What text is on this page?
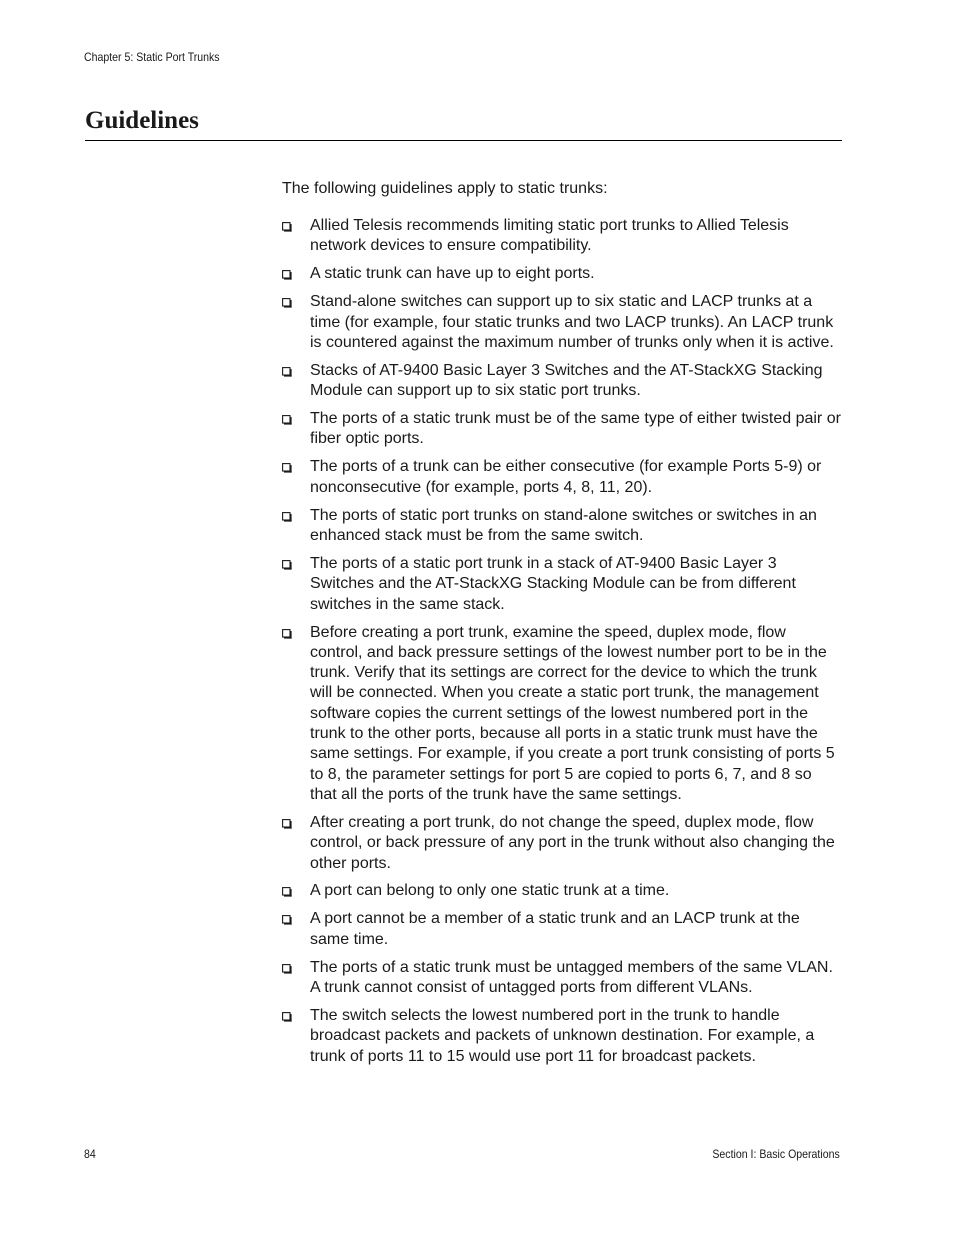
Chapter 5: Static Port Trunks
Guidelines

The following guidelines apply to static trunks:

Allied Telesis recommends limiting static port trunks to Allied Telesis network devices to ensure compatibility.
A static trunk can have up to eight ports.
Stand-alone switches can support up to six static and LACP trunks at a time (for example, four static trunks and two LACP trunks). An LACP trunk is countered against the maximum number of trunks only when it is active.
Stacks of AT-9400 Basic Layer 3 Switches and the AT-StackXG Stacking Module can support up to six static port trunks.
The ports of a static trunk must be of the same type of either twisted pair or fiber optic ports.
The ports of a trunk can be either consecutive (for example Ports 5-9) or nonconsecutive (for example, ports 4, 8, 11, 20).
The ports of static port trunks on stand-alone switches or switches in an enhanced stack must be from the same switch.
The ports of a static port trunk in a stack of AT-9400 Basic Layer 3 Switches and the AT-StackXG Stacking Module can be from different switches in the same stack.
Before creating a port trunk, examine the speed, duplex mode, flow control, and back pressure settings of the lowest number port to be in the trunk. Verify that its settings are correct for the device to which the trunk will be connected. When you create a static port trunk, the management software copies the current settings of the lowest numbered port in the trunk to the other ports, because all ports in a static trunk must have the same settings. For example, if you create a port trunk consisting of ports 5 to 8, the parameter settings for port 5 are copied to ports 6, 7, and 8 so that all the ports of the trunk have the same settings.
After creating a port trunk, do not change the speed, duplex mode, flow control, or back pressure of any port in the trunk without also changing the other ports.
A port can belong to only one static trunk at a time.
A port cannot be a member of a static trunk and an LACP trunk at the same time.
The ports of a static trunk must be untagged members of the same VLAN. A trunk cannot consist of untagged ports from different VLANs.
The switch selects the lowest numbered port in the trunk to handle broadcast packets and packets of unknown destination. For example, a trunk of ports 11 to 15 would use port 11 for broadcast packets.
84	Section I: Basic Operations
